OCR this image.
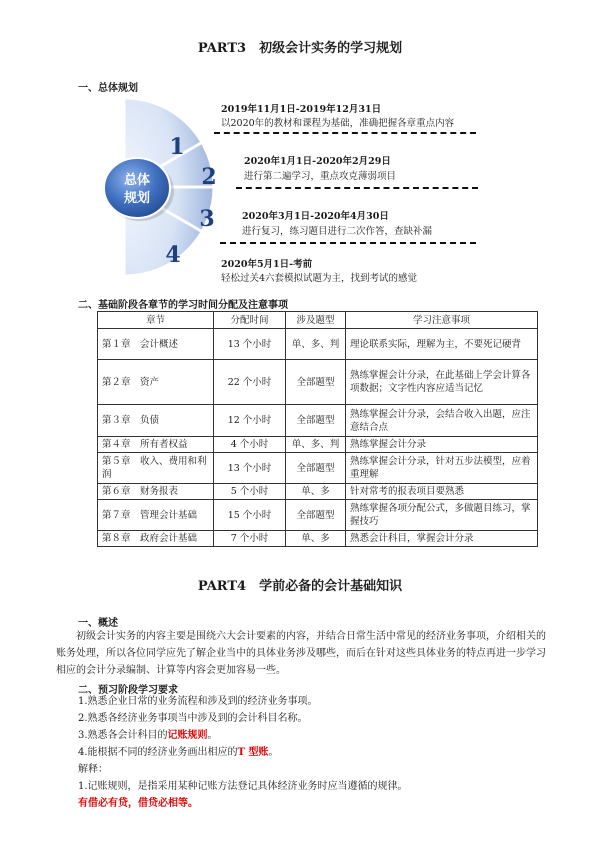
PART3　初级会计实务的学习规划
一、总体规划
1
2
3
4
总体
规划
2019年11月1日-2019年12月31日
以2020年的教材和课程为基础，准确把握各章重点内容
2020年1月1日-2020年2月29日
进行第二遍学习，重点攻克薄弱项目
2020年3月1日-2020年4月30日
进行复习，练习题目进行二次作答，查缺补漏
2020年5月1日-考前
轻松过关4六套模拟试题为主，找到考试的感觉
二、基础阶段各章节的学习时间分配及注意事项
章节	分配时间	涉及题型	学习注意事项
第１章　会计概述	13 个小时	单、多、判	理论联系实际，理解为主，不要死记硬背
第２章　资产	22 个小时	全部题型	熟练掌握会计分录，在此基础上学会计算各项数据；文字性内容应适当记忆
第３章　负债	12 个小时	全部题型	熟练掌握会计分录，会结合收入出题，应注意结合点
第４章　所有者权益	4 个小时	单、多、判	熟练掌握会计分录
第５章　收入、费用和利润	13 个小时	全部题型	熟练掌握会计分录，针对五步法模型，应着重理解
第６章　财务报表	5 个小时	单、多	针对常考的报表项目要熟悉
第７章　管理会计基础	15 个小时	全部题型	熟练掌握各项分配公式，多做题目练习，掌握技巧
第８章　政府会计基础	7 个小时	单、多	熟悉会计科目，掌握会计分录
PART4　学前必备的会计基础知识
一、概述
初级会计实务的内容主要是围绕六大会计要素的内容，并结合日常生活中常见的经济业务事项，介绍相关的账务处理，所以各位同学应先了解企业当中的具体业务涉及哪些，而后在针对这些具体业务的特点再进一步学习相应的会计分录编制、计算等内容会更加容易一些。
二、预习阶段学习要求
1.熟悉企业日常的业务流程和涉及到的经济业务事项。
2.熟悉各经济业务事项当中涉及到的会计科目名称。
3.熟悉各会计科目的记账规则。
4.能根据不同的经济业务画出相应的T 型账。
解释：
1.记账规则，是指采用某种记账方法登记具体经济业务时应当遵循的规律。
有借必有贷，借贷必相等。
